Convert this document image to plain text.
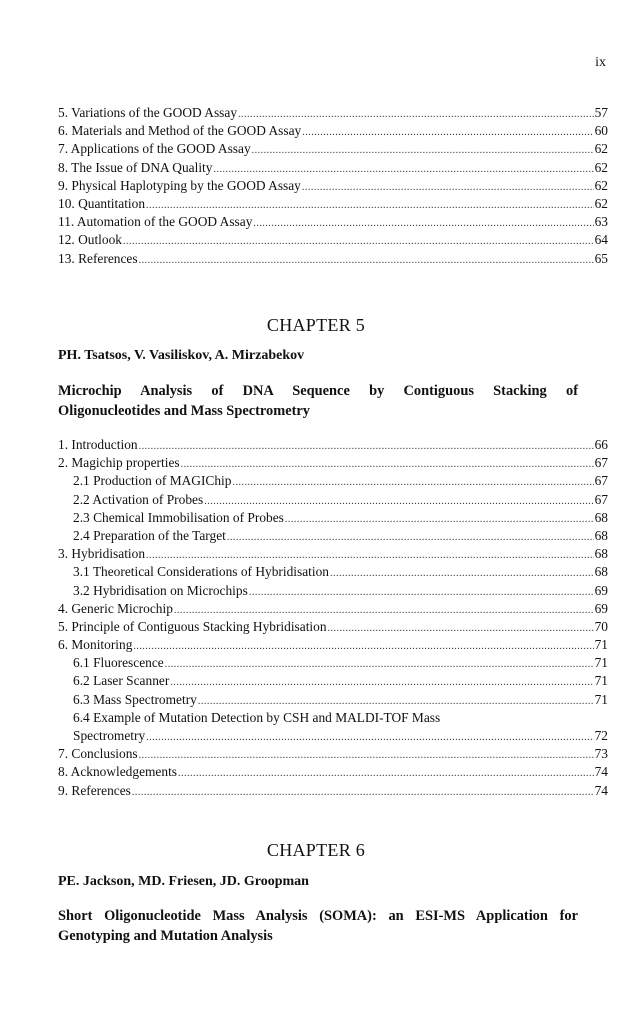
ix
5. Variations of the GOOD Assay .....	57
6. Materials and Method of the GOOD Assay .....	60
7. Applications of the GOOD Assay .....	62
8. The Issue of DNA Quality .....	62
9. Physical Haplotyping by the GOOD Assay .....	62
10. Quantitation .....	62
11. Automation of the GOOD Assay .....	63
12. Outlook .....	64
13. References .....	65
CHAPTER 5
PH. Tsatsos, V. Vasiliskov, A. Mirzabekov
Microchip Analysis of DNA Sequence by Contiguous Stacking of
Oligonucleotides and Mass Spectrometry
1. Introduction .....	66
2. Magichip properties .....	67
2.1 Production of MAGIChip .....	67
2.2 Activation of Probes .....	67
2.3 Chemical Immobilisation of Probes .....	68
2.4 Preparation of the Target .....	68
3. Hybridisation .....	68
3.1 Theoretical Considerations of Hybridisation .....	68
3.2 Hybridisation on Microchips .....	69
4. Generic Microchip .....	69
5. Principle of Contiguous Stacking Hybridisation .....	70
6. Monitoring .....	71
6.1 Fluorescence .....	71
6.2 Laser Scanner .....	71
6.3 Mass Spectrometry .....	71
6.4 Example of Mutation Detection by CSH and MALDI-TOF Mass
Spectrometry .....	72
7. Conclusions .....	73
8. Acknowledgements .....	74
9. References .....	74
CHAPTER 6
PE. Jackson, MD. Friesen, JD. Groopman
Short Oligonucleotide Mass Analysis (SOMA): an ESI-MS Application for
Genotyping and Mutation Analysis
